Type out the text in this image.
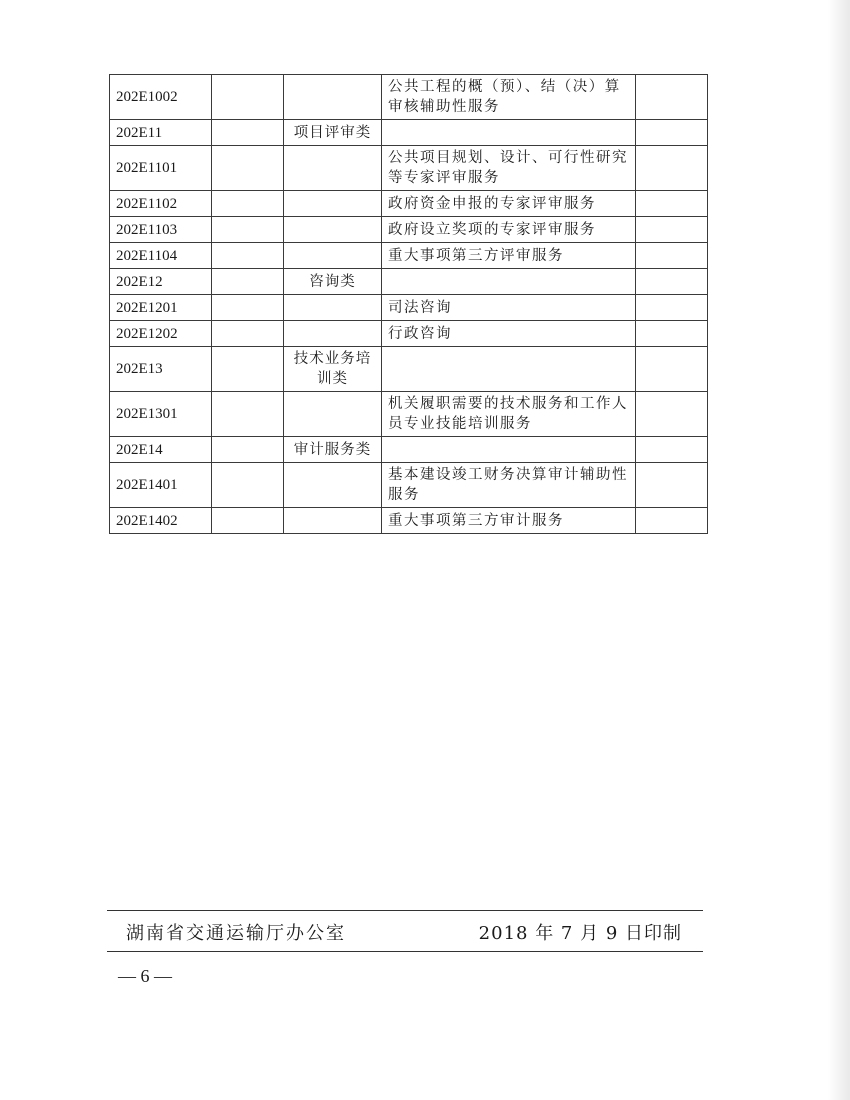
202E1002			公共工程的概（预）、结（决）算审核辅助性服务	
202E11		项目评审类		
202E1101			公共项目规划、设计、可行性研究等专家评审服务	
202E1102			政府资金申报的专家评审服务	
202E1103			政府设立奖项的专家评审服务	
202E1104			重大事项第三方评审服务	
202E12		咨询类		
202E1201			司法咨询	
202E1202			行政咨询	
202E13		技术业务培训类		
202E1301			机关履职需要的技术服务和工作人员专业技能培训服务	
202E14		审计服务类		
202E1401			基本建设竣工财务决算审计辅助性服务	
202E1402			重大事项第三方审计服务	
湖南省交通运输厅办公室	2018 年 7 月 9 日印制
— 6 —
